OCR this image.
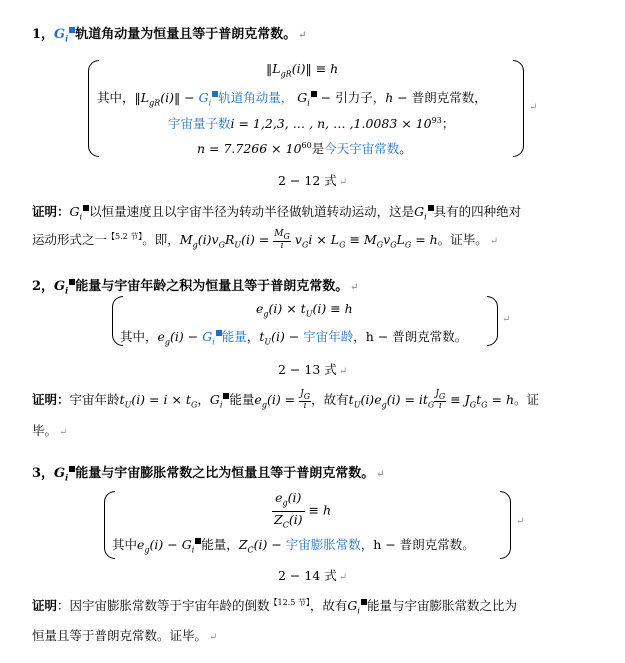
1，$G_i$ 轨道角动量为恒量且等于普朗克常数。 ↵
↵
$‖L_{gR}(i)‖ \equiv h$
其中，$‖L_{gR}(i)‖ - G_i$ 轨道角动量， $G_i$ − 引力子，h − 普朗克常数，
宇宙量子数i = 1,2,3, … , n, … $,1.0083 \times 10^{93}$；
$n = 7.7266 \times 10^{60}$是今天宇宙常数。
2 − 12 式 ↵
证明：$G_i$ 以恒量速度且以宇宙半径为转动半径做轨道转动运动，这是$G_i$ 具有的四种绝对
运动形式之一$^{【5.2 节】}$。即，$M_g(i)v_GR_U(i) = \frac{M_G}{i} v_Gi \times L_G \equiv M_Gv_GL_G = h$。证毕。 ↵
2，$G_i$ 能量与宇宙年龄之积为恒量且等于普朗克常数。 ↵
↵
$e_g(i) \times t_U(i) \equiv h$
其中，$e_g(i) - G_i$ 能量，$t_U(i)$ − 宇宙年龄，h − 普朗克常数。
2 − 13 式 ↵
证明：宇宙年龄$t_U(i) = i \times t_G$，$G_i$ 能量$e_g(i) = \frac{J_G}{i}$ ，故有$t_U(i)e_g(i) = it_G \frac{J_G}{i} \equiv J_Gt_G = h$。证
毕。 ↵
3，$G_i$ 能量与宇宙膨胀常数之比为恒量且等于普朗克常数。 ↵
↵
$\frac{e_g(i)}{Z_C(i)} \equiv h$
其中$e_g(i) - G_i$ 能量，$Z_C(i)$ − 宇宙膨胀常数，h − 普朗克常数。
2 − 14 式 ↵
证明：因宇宙膨胀常数等于宇宙年龄的倒数$^{【12.5 节】}$，故有$G_i$ 能量与宇宙膨胀常数之比为
恒量且等于普朗克常数。证毕。 ↵
